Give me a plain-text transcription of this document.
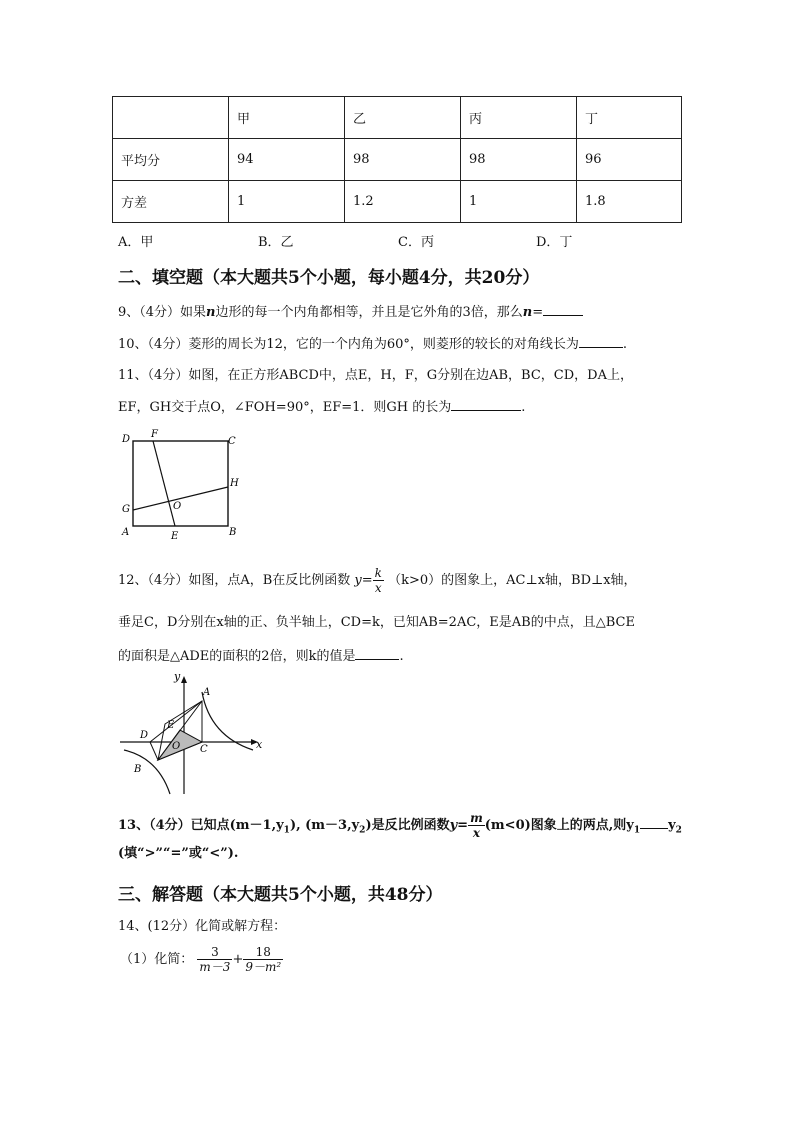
	甲	乙	丙	丁
平均分	94	98	98	96
方差	1	1.2	1	1.8
A．甲	B．乙	C．丙	D．丁
二、填空题（本大题共5个小题，每小题4分，共20分）
9、（4分）如果n边形的每一个内角都相等，并且是它外角的3倍，那么n=
10、（4分）菱形的周长为12，它的一个内角为60°，则菱形的较长的对角线长为	.
11、（4分）如图，在正方形ABCD中，点E，H，F，G分别在边AB，BC，CD，DA上，
EF，GH交于点O，∠FOH=90°，EF=1．则GH 的长为	.
D F
C
H
G	O
A	E	B
12、（4分）如图，点A，B在反比例函数 $y= \frac{k}{x} (k>0)$的图象上，AC⊥x轴，BD⊥x轴，
垂足C，D分别在x轴的正、负半轴上，CD=k，已知AB=2AC，E是AB的中点，且△BCE
的面积是△ADE的面积的2倍，则k的值是	.
y
x
A
E
D
O C
B
13、（4分）已知点$(m-1,y_1)$, $(m-3,y_2)$是反比例函数$y= \frac{m}{x} (m<0)$图象上的两点,则$y_1$ $y_2$
(填“>”“=”或“<”).
三、解答题（本大题共5个小题，共48分）
14、(12分）化简或解方程：
（1）化简： $\frac{3}{m-3} + \frac{18}{\text{9－m²}}$
